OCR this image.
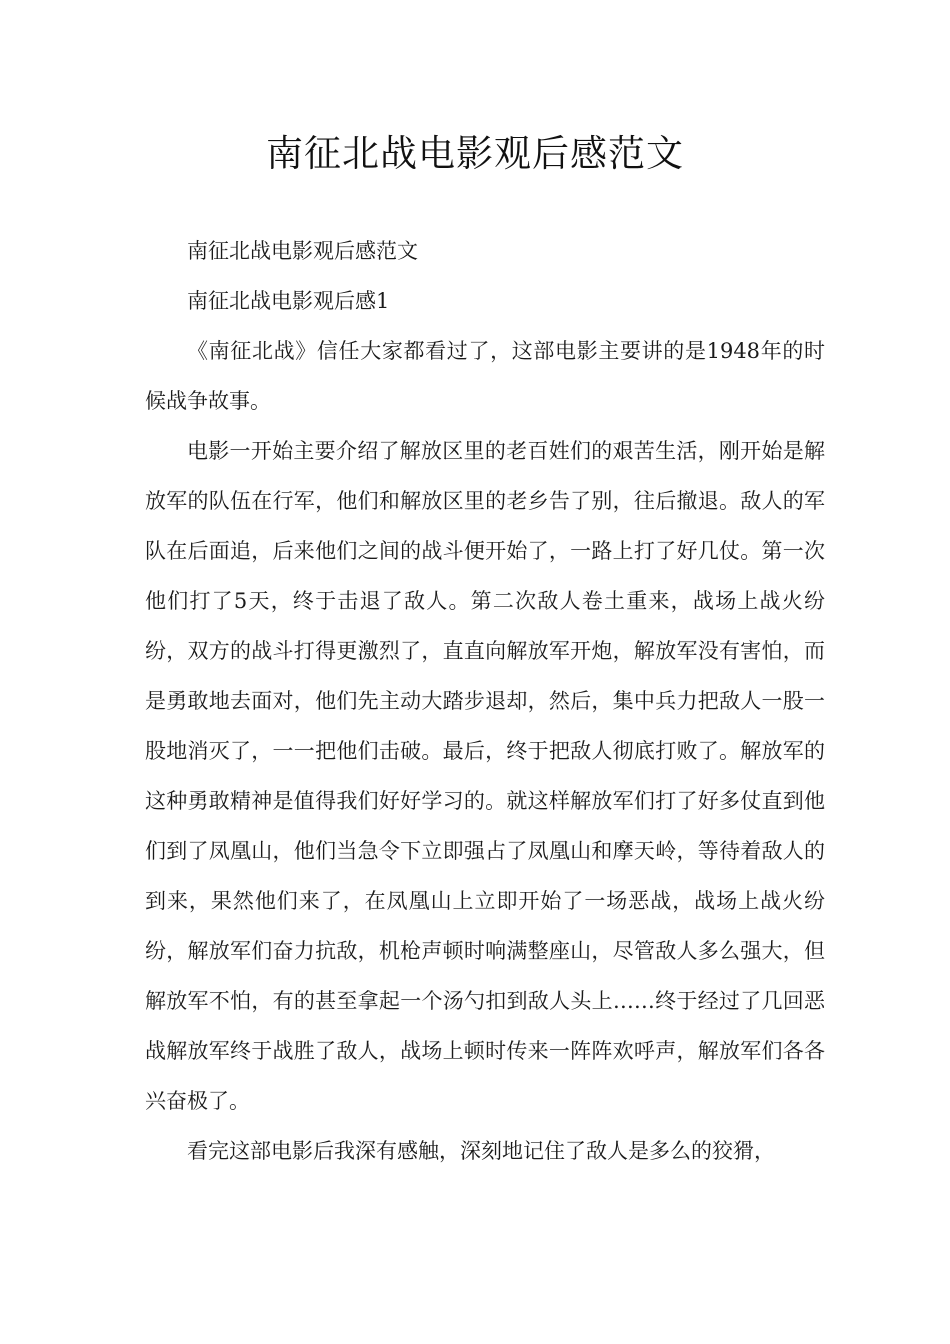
南征北战电影观后感范文

南征北战电影观后感范文

南征北战电影观后感1

《南征北战》信任大家都看过了，这部电影主要讲的是1948年的时候战争故事。

电影一开始主要介绍了解放区里的老百姓们的艰苦生活，刚开始是解放军的队伍在行军，他们和解放区里的老乡告了别，往后撤退。敌人的军队在后面追，后来他们之间的战斗便开始了，一路上打了好几仗。第一次他们打了5天，终于击退了敌人。第二次敌人卷土重来，战场上战火纷纷，双方的战斗打得更激烈了，直直向解放军开炮，解放军没有害怕，而是勇敢地去面对，他们先主动大踏步退却，然后，集中兵力把敌人一股一股地消灭了，一一把他们击破。最后，终于把敌人彻底打败了。解放军的这种勇敢精神是值得我们好好学习的。就这样解放军们打了好多仗直到他们到了凤凰山，他们当急令下立即强占了凤凰山和摩天岭，等待着敌人的到来，果然他们来了，在凤凰山上立即开始了一场恶战，战场上战火纷纷，解放军们奋力抗敌，机枪声顿时响满整座山，尽管敌人多么强大，但解放军不怕，有的甚至拿起一个汤勺扣到敌人头上……终于经过了几回恶战解放军终于战胜了敌人，战场上顿时传来一阵阵欢呼声，解放军们各各兴奋极了。

看完这部电影后我深有感触，深刻地记住了敌人是多么的狡猾，
